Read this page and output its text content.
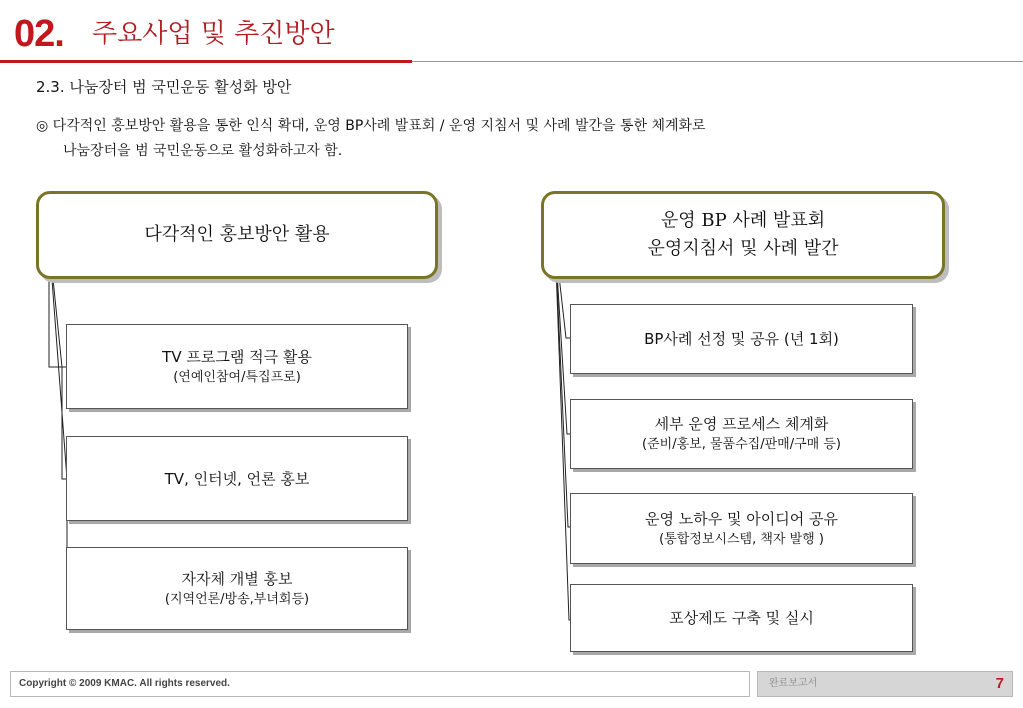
02. 주요사업 및 추진방안
2.3. 나눔장터 범 국민운동 활성화 방안
◎ 다각적인 홍보방안 활용을 통한 인식 확대, 운영 BP사례 발표회 / 운영 지침서 및 사례 발간을 통한 체계화로
나눔장터을 범 국민운동으로 활성화하고자 함.
다각적인 홍보방안 활용
TV 프로그램 적극 활용
(연예인참여/특집프로)
TV, 인터넷, 언론 홍보
자자체 개별 홍보
(지역언론/방송,부녀회등)
운영 BP 사례 발표회
운영지침서 및 사례 발간
BP사례 선정 및 공유 (년 1회)
세부 운영 프로세스 체계화
(준비/홍보, 물품수집/판매/구매 등)
운영 노하우 및 아이디어 공유
(통합정보시스템, 책자 발행 )
포상제도 구축 및 실시
Copyright © 2009 KMAC. All rights reserved.	완료보고서	7
